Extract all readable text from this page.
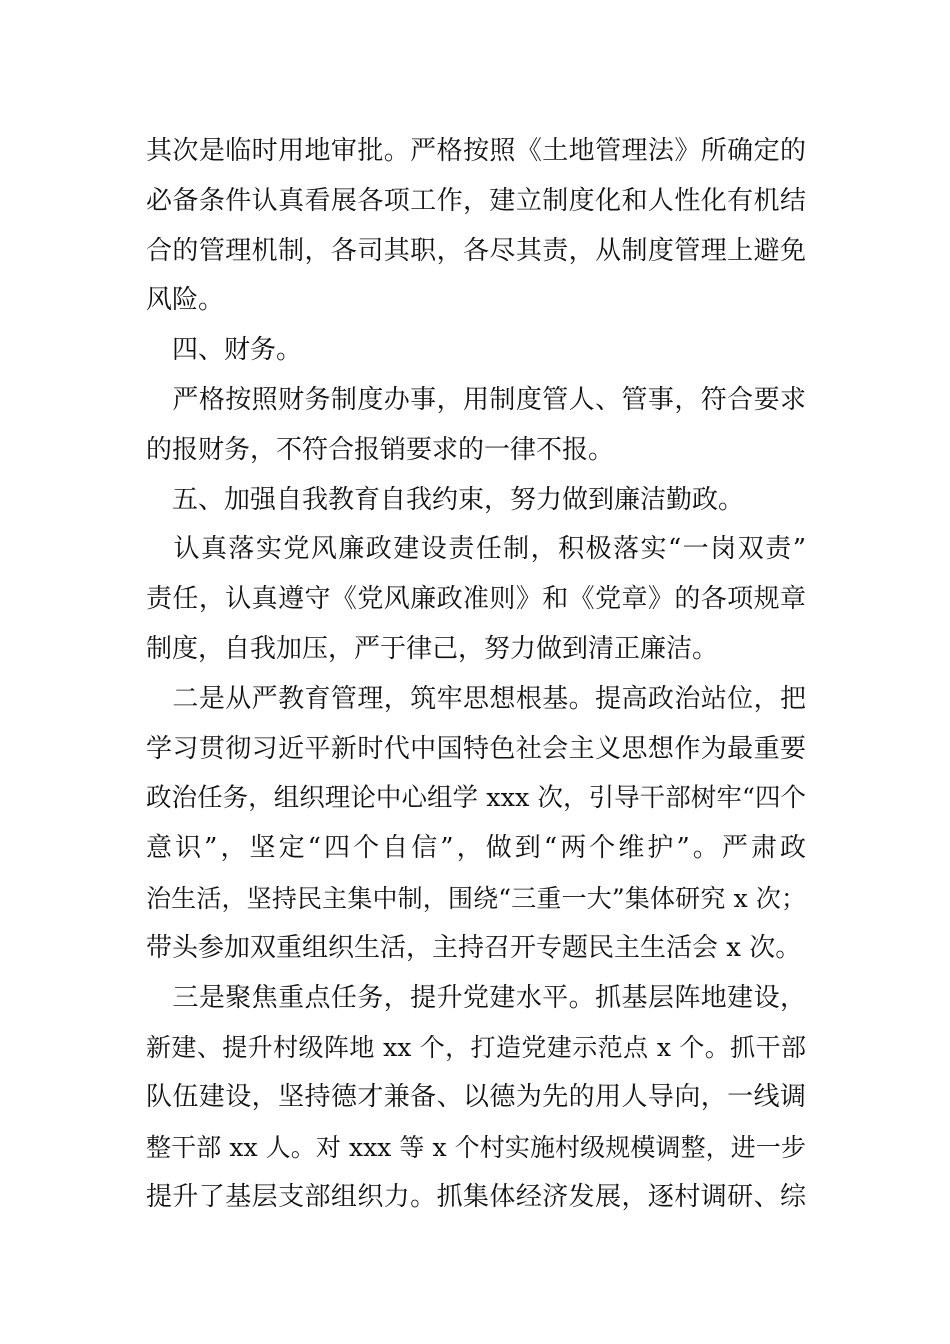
其次是临时用地审批。严格按照《土地管理法》所确定的
必备条件认真看展各项工作，建立制度化和人性化有机结
合的管理机制，各司其职，各尽其责，从制度管理上避免
风险。
　四、财务。
　严格按照财务制度办事，用制度管人、管事，符合要求
的报财务，不符合报销要求的一律不报。
　五、加强自我教育自我约束，努力做到廉洁勤政。
　认真落实党风廉政建设责任制，积极落实“一岗双责”
责任，认真遵守《党风廉政准则》和《党章》的各项规章
制度，自我加压，严于律己，努力做到清正廉洁。
　二是从严教育管理，筑牢思想根基。提高政治站位，把
学习贯彻习近平新时代中国特色社会主义思想作为最重要
政治任务，组织理论中心组学 xxx 次，引导干部树牢“四个
意识”，坚定“四个自信”，做到“两个维护”。严肃政
治生活，坚持民主集中制，围绕“三重一大”集体研究 x 次；
带头参加双重组织生活，主持召开专题民主生活会 x 次。
　三是聚焦重点任务，提升党建水平。抓基层阵地建设，
新建、提升村级阵地 xx 个，打造党建示范点 x 个。抓干部
队伍建设，坚持德才兼备、以德为先的用人导向，一线调
整干部 xx 人。对 xxx 等 x 个村实施村级规模调整，进一步
提升了基层支部组织力。抓集体经济发展，逐村调研、综
